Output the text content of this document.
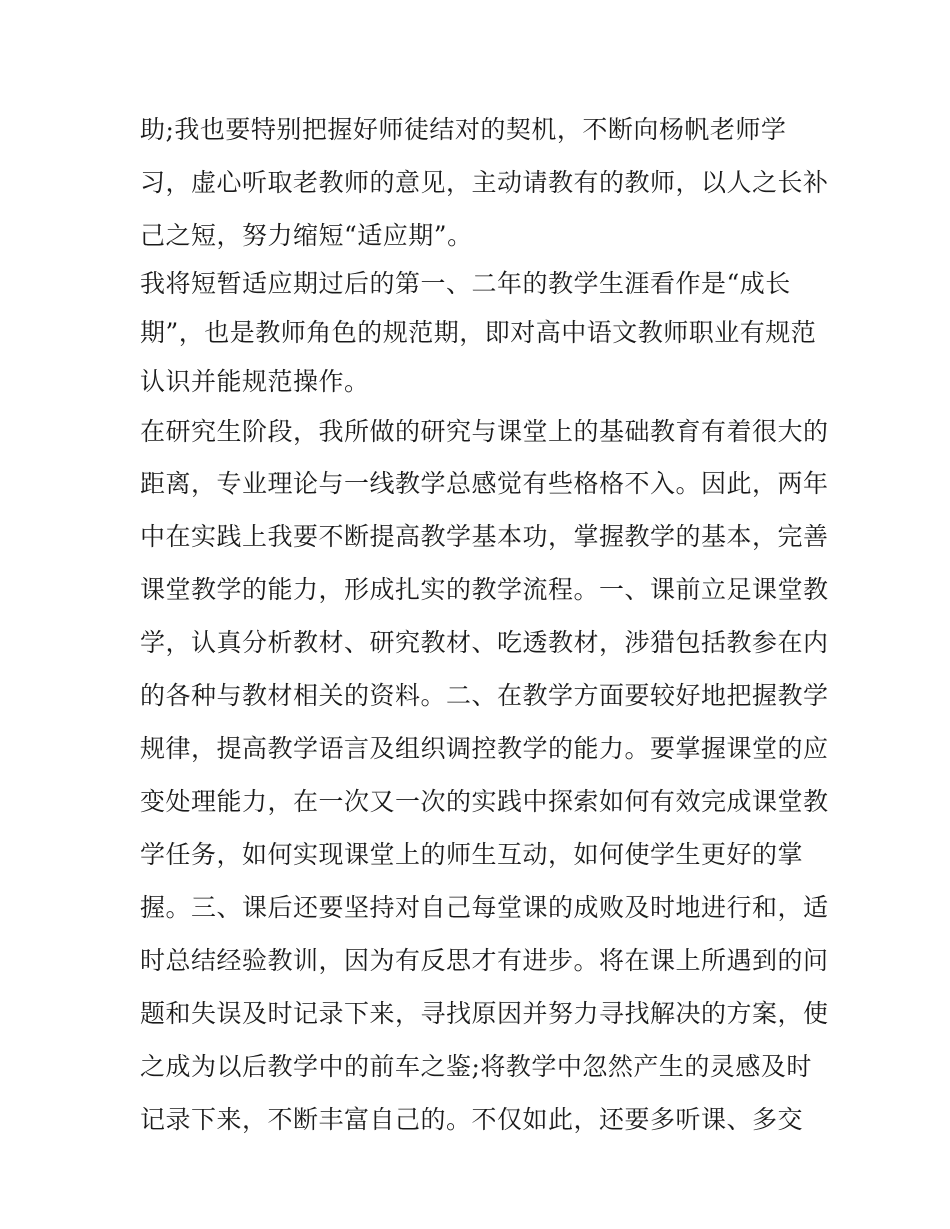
助;我也要特别把握好师徒结对的契机，不断向杨帆老师学
习，虚心听取老教师的意见，主动请教有的教师，以人之长补
己之短，努力缩短“适应期”。
我将短暂适应期过后的第一、二年的教学生涯看作是“成长
期”，也是教师角色的规范期，即对高中语文教师职业有规范
认识并能规范操作。
在研究生阶段，我所做的研究与课堂上的基础教育有着很大的
距离，专业理论与一线教学总感觉有些格格不入。因此，两年
中在实践上我要不断提高教学基本功，掌握教学的基本，完善
课堂教学的能力，形成扎实的教学流程。一、课前立足课堂教
学，认真分析教材、研究教材、吃透教材，涉猎包括教参在内
的各种与教材相关的资料。二、在教学方面要较好地把握教学
规律，提高教学语言及组织调控教学的能力。要掌握课堂的应
变处理能力，在一次又一次的实践中探索如何有效完成课堂教
学任务，如何实现课堂上的师生互动，如何使学生更好的掌
握。三、课后还要坚持对自己每堂课的成败及时地进行和，适
时总结经验教训，因为有反思才有进步。将在课上所遇到的问
题和失误及时记录下来，寻找原因并努力寻找解决的方案，使
之成为以后教学中的前车之鉴;将教学中忽然产生的灵感及时
记录下来，不断丰富自己的。不仅如此，还要多听课、多交
